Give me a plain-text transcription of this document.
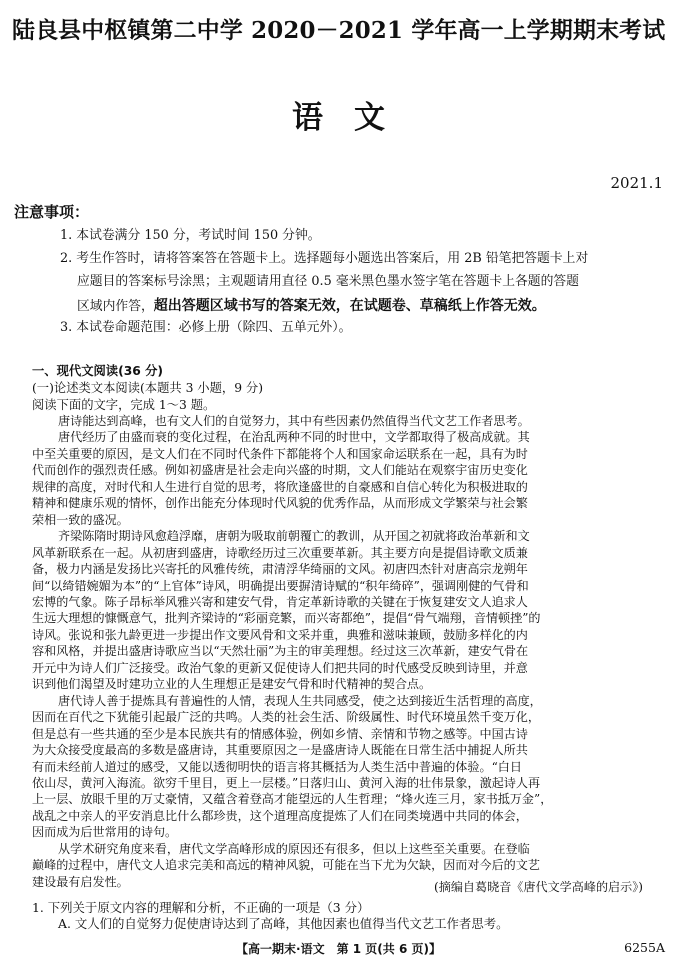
陆良县中枢镇第二中学 2020－2021 学年高一上学期期末考试
语　文
2021.1
注意事项：
1. 本试卷满分 150 分，考试时间 150 分钟。
2. 考生作答时，请将答案答在答题卡上。选择题每小题选出答案后，用 2B 铅笔把答题卡上对
应题目的答案标号涂黑；主观题请用直径 0.5 毫米黑色墨水签字笔在答题卡上各题的答题
区域内作答，超出答题区域书写的答案无效，在试题卷、草稿纸上作答无效。
3. 本试卷命题范围：必修上册（除四、五单元外）。
一、现代文阅读(36 分)
(一)论述类文本阅读(本题共 3 小题，9 分)
阅读下面的文字，完成 1～3 题。
唐诗能达到高峰，也有文人们的自觉努力，其中有些因素仍然值得当代文艺工作者思考。
唐代经历了由盛而衰的变化过程，在治乱两种不同的时世中，文学都取得了极高成就。其
中至关重要的原因，是文人们在不同时代条件下都能将个人和国家命运联系在一起，具有为时
代而创作的强烈责任感。例如初盛唐是社会走向兴盛的时期，文人们能站在观察宇宙历史变化
规律的高度，对时代和人生进行自觉的思考，将欣逢盛世的自豪感和自信心转化为积极进取的
精神和健康乐观的情怀，创作出能充分体现时代风貌的优秀作品，从而形成文学繁荣与社会繁
荣相一致的盛况。
齐梁陈隋时期诗风愈趋浮靡，唐朝为吸取前朝覆亡的教训，从开国之初就将政治革新和文
风革新联系在一起。从初唐到盛唐，诗歌经历过三次重要革新。其主要方向是提倡诗歌文质兼
备，极力内涵是发扬比兴寄托的风雅传统，肃清浮华绮丽的文风。初唐四杰针对唐高宗龙朔年
间“以绮错婉媚为本”的“上官体”诗风，明确提出要摒清诗赋的“积年绮碎”，强调刚健的气骨和
宏博的气象。陈子昂标举风雅兴寄和建安气骨，肯定革新诗歌的关键在于恢复建安文人追求人
生远大理想的慷慨意气，批判齐梁诗的“彩丽竞繁，而兴寄都绝”，提倡“骨气端翔，音情顿挫”的
诗风。张说和张九龄更进一步提出作文要风骨和文采并重，典雅和滋味兼顾，鼓励多样化的内
容和风格，并提出盛唐诗歌应当以“天然壮丽”为主的审美理想。经过这三次革新，建安气骨在
开元中为诗人们广泛接受。政治气象的更新又促使诗人们把共同的时代感受反映到诗里，并意
识到他们渴望及时建功立业的人生理想正是建安气骨和时代精神的契合点。
唐代诗人善于提炼具有普遍性的人情，表现人生共同感受，使之达到接近生活哲理的高度，
因而在百代之下犹能引起最广泛的共鸣。人类的社会生活、阶级属性、时代环境虽然千变万化，
但是总有一些共通的至少是本民族共有的情感体验，例如乡情、亲情和节物之感等。中国古诗
为大众接受度最高的多数是盛唐诗，其重要原因之一是盛唐诗人既能在日常生活中捕捉人所共
有而未经前人道过的感受，又能以透彻明快的语言将其概括为人类生活中普遍的体验。“白日
依山尽，黄河入海流。欲穷千里目，更上一层楼。”日落归山、黄河入海的壮伟景象，激起诗人再
上一层、放眼千里的万丈豪情，又蕴含着登高才能望远的人生哲理；“烽火连三月，家书抵万金”，
战乱之中亲人的平安消息比什么都珍贵，这个道理高度提炼了人们在同类境遇中共同的体会，
因而成为后世常用的诗句。
从学术研究角度来看，唐代文学高峰形成的原因还有很多，但以上这些至关重要。在登临
巅峰的过程中，唐代文人追求完美和高远的精神风貌，可能在当下尤为欠缺，因而对今后的文艺
建设最有启发性。	(摘编自葛晓音《唐代文学高峰的启示》)
1. 下列关于原文内容的理解和分析，不正确的一项是（3 分）
A. 文人们的自觉努力促使唐诗达到了高峰，其他因素也值得当代文艺工作者思考。
【高一期末·语文　第 1 页(共 6 页)】	6255A
